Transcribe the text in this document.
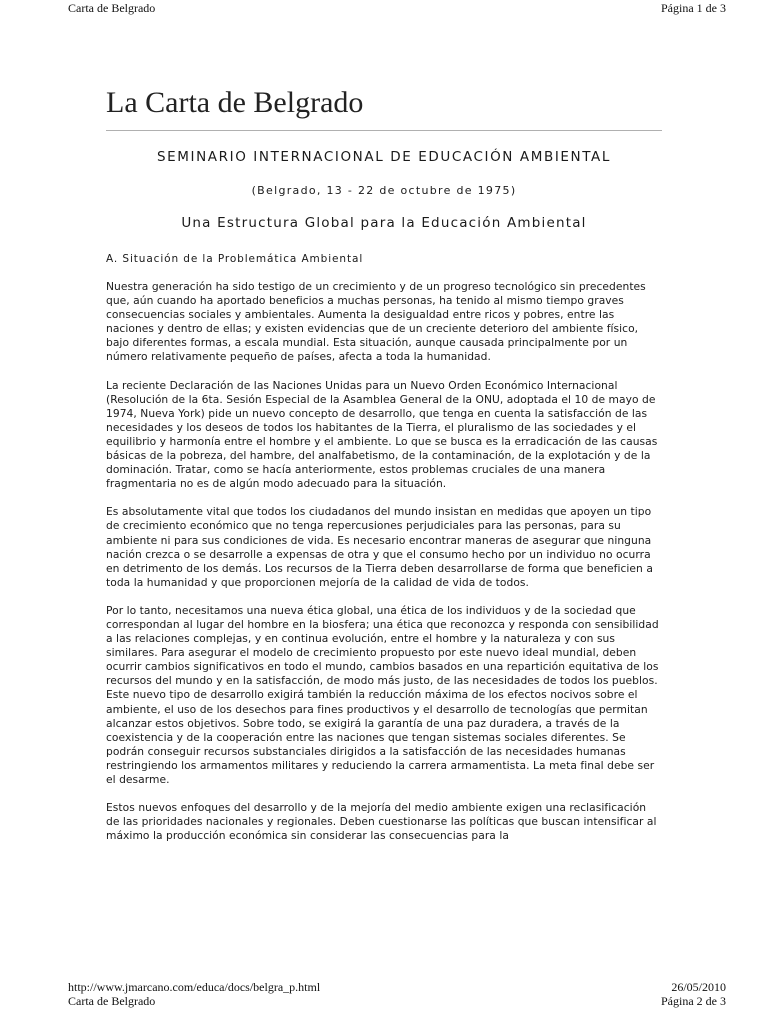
Carta de Belgrado	Página 1 de 3
La Carta de Belgrado
SEMINARIO INTERNACIONAL DE EDUCACIÓN AMBIENTAL
(Belgrado, 13 - 22 de octubre de 1975)
Una Estructura Global para la Educación Ambiental
A. Situación de la Problemática Ambiental

Nuestra generación ha sido testigo de un crecimiento y de un progreso tecnológico sin precedentes que, aún cuando ha aportado beneficios a muchas personas, ha tenido al mismo tiempo graves consecuencias sociales y ambientales. Aumenta la desigualdad entre ricos y pobres, entre las naciones y dentro de ellas; y existen evidencias que de un creciente deterioro del ambiente físico, bajo diferentes formas, a escala mundial. Esta situación, aunque causada principalmente por un número relativamente pequeño de países, afecta a toda la humanidad.

La reciente Declaración de las Naciones Unidas para un Nuevo Orden Económico Internacional (Resolución de la 6ta. Sesión Especial de la Asamblea General de la ONU, adoptada el 10 de mayo de 1974, Nueva York) pide un nuevo concepto de desarrollo, que tenga en cuenta la satisfacción de las necesidades y los deseos de todos los habitantes de la Tierra, el pluralismo de las sociedades y el equilibrio y harmonía entre el hombre y el ambiente. Lo que se busca es la erradicación de las causas básicas de la pobreza, del hambre, del analfabetismo, de la contaminación, de la explotación y de la dominación. Tratar, como se hacía anteriormente, estos problemas cruciales de una manera fragmentaria no es de algún modo adecuado para la situación.

Es absolutamente vital que todos los ciudadanos del mundo insistan en medidas que apoyen un tipo de crecimiento económico que no tenga repercusiones perjudiciales para las personas, para su ambiente ni para sus condiciones de vida. Es necesario encontrar maneras de asegurar que ninguna nación crezca o se desarrolle a expensas de otra y que el consumo hecho por un individuo no ocurra en detrimento de los demás. Los recursos de la Tierra deben desarrollarse de forma que beneficien a toda la humanidad y que proporcionen mejoría de la calidad de vida de todos.

Por lo tanto, necesitamos una nueva ética global, una ética de los individuos y de la sociedad que correspondan al lugar del hombre en la biosfera; una ética que reconozca y responda con sensibilidad a las relaciones complejas, y en continua evolución, entre el hombre y la naturaleza y con sus similares. Para asegurar el modelo de crecimiento propuesto por este nuevo ideal mundial, deben ocurrir cambios significativos en todo el mundo, cambios basados en una repartición equitativa de los recursos del mundo y en la satisfacción, de modo más justo, de las necesidades de todos los pueblos. Este nuevo tipo de desarrollo exigirá también la reducción máxima de los efectos nocivos sobre el ambiente, el uso de los desechos para fines productivos y el desarrollo de tecnologías que permitan alcanzar estos objetivos. Sobre todo, se exigirá la garantía de una paz duradera, a través de la coexistencia y de la cooperación entre las naciones que tengan sistemas sociales diferentes. Se podrán conseguir recursos substanciales dirigidos a la satisfacción de las necesidades humanas restringiendo los armamentos militares y reduciendo la carrera armamentista. La meta final debe ser el desarme.

Estos nuevos enfoques del desarrollo y de la mejoría del medio ambiente exigen una reclasificación de las prioridades nacionales y regionales. Deben cuestionarse las políticas que buscan intensificar al máximo la producción económica sin considerar las consecuencias para la

http://www.jmarcano.com/educa/docs/belgra_p.html	26/05/2010
Carta de Belgrado	Página 2 de 3
